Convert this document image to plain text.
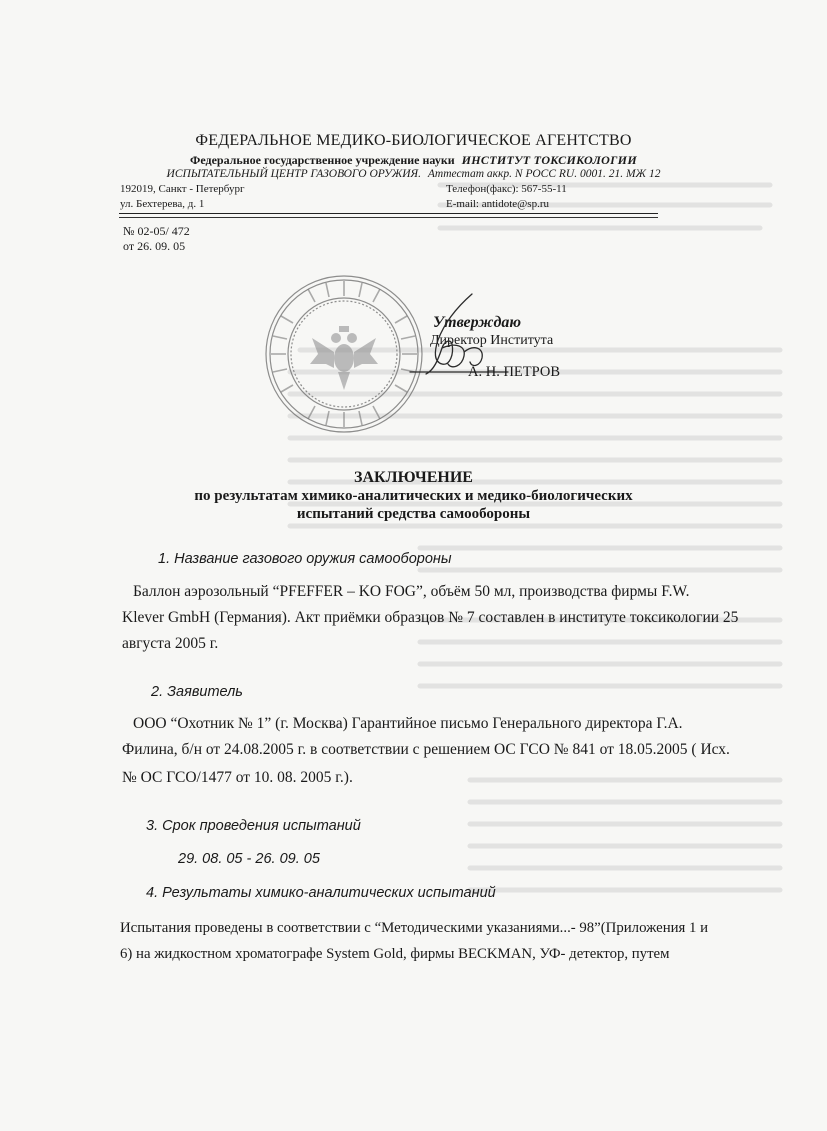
ФЕДЕРАЛЬНОЕ МЕДИКО-БИОЛОГИЧЕСКОЕ АГЕНТСТВО
Федеральное государственное учреждение науки ИНСТИТУТ ТОКСИКОЛОГИИ
ИСПЫТАТЕЛЬНЫЙ ЦЕНТР ГАЗОВОГО ОРУЖИЯ. Аттестат аккр. N РОСС RU. 0001. 21. МЖ 12
192019, Санкт - Петербург
ул. Бехтерева, д. 1
Телефон(факс): 567-55-11
E-mail: antidote@sp.ru
№ 02-05/ 472
от 26. 09. 05
Утверждаю
Директор Института
А. Н. ПЕТРОВ
ЗАКЛЮЧЕНИЕ
по результатам химико-аналитических и медико-биологических
испытаний средства самообороны
1. Название газового оружия самообороны
Баллон аэрозольный “PFEFFER – KO FOG”, объём 50 мл, производства фирмы F.W.
Klever GmbH (Германия). Акт приёмки образцов № 7 составлен в институте токсикологии 25
августа 2005 г.
2. Заявитель
ООО “Охотник № 1” (г. Москва) Гарантийное письмо Генерального директора Г.А.
Филина, б/н от 24.08.2005 г. в соответствии с решением ОС ГСО № 841 от 18.05.2005 ( Исх.
№ ОС ГСО/1477 от 10. 08. 2005 г.).
3. Срок проведения испытаний
29. 08. 05 - 26. 09. 05
4. Результаты химико-аналитических испытаний
Испытания проведены в соответствии с “Методическими указаниями...- 98”(Приложения 1 и
6) на жидкостном хроматографе System Gold, фирмы BECKMAN, УФ- детектор, путем
